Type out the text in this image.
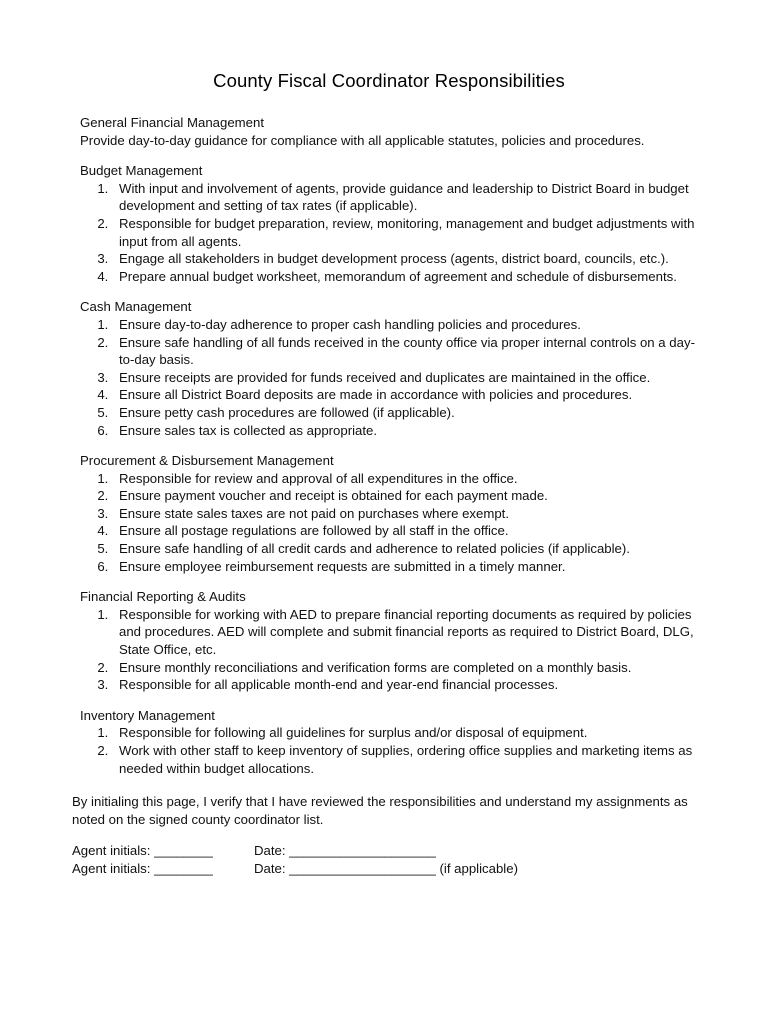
County Fiscal Coordinator Responsibilities
General Financial Management

Provide day-to-day guidance for compliance with all applicable statutes, policies and procedures.

Budget Management
1. With input and involvement of agents, provide guidance and leadership to District Board in budget development and setting of tax rates (if applicable).
2. Responsible for budget preparation, review, monitoring, management and budget adjustments with input from all agents.
3. Engage all stakeholders in budget development process (agents, district board, councils, etc.).
4. Prepare annual budget worksheet, memorandum of agreement and schedule of disbursements.
Cash Management
1. Ensure day-to-day adherence to proper cash handling policies and procedures.
2. Ensure safe handling of all funds received in the county office via proper internal controls on a day-to-day basis.
3. Ensure receipts are provided for funds received and duplicates are maintained in the office.
4. Ensure all District Board deposits are made in accordance with policies and procedures.
5. Ensure petty cash procedures are followed (if applicable).
6. Ensure sales tax is collected as appropriate.
Procurement & Disbursement Management
1. Responsible for review and approval of all expenditures in the office.
2. Ensure payment voucher and receipt is obtained for each payment made.
3. Ensure state sales taxes are not paid on purchases where exempt.
4. Ensure all postage regulations are followed by all staff in the office.
5. Ensure safe handling of all credit cards and adherence to related policies (if applicable).
6. Ensure employee reimbursement requests are submitted in a timely manner.
Financial Reporting & Audits
1. Responsible for working with AED to prepare financial reporting documents as required by policies and procedures. AED will complete and submit financial reports as required to District Board, DLG, State Office, etc.
2. Ensure monthly reconciliations and verification forms are completed on a monthly basis.
3. Responsible for all applicable month-end and year-end financial processes.
Inventory Management
1. Responsible for following all guidelines for surplus and/or disposal of equipment.
2. Work with other staff to keep inventory of supplies, ordering office supplies and marketing items as needed within budget allocations.

By initialing this page, I verify that I have reviewed the responsibilities and understand my assignments as noted on the signed county coordinator list.

Agent initials: ________	Date: ____________________
Agent initials: ________	Date: ____________________ (if applicable)
